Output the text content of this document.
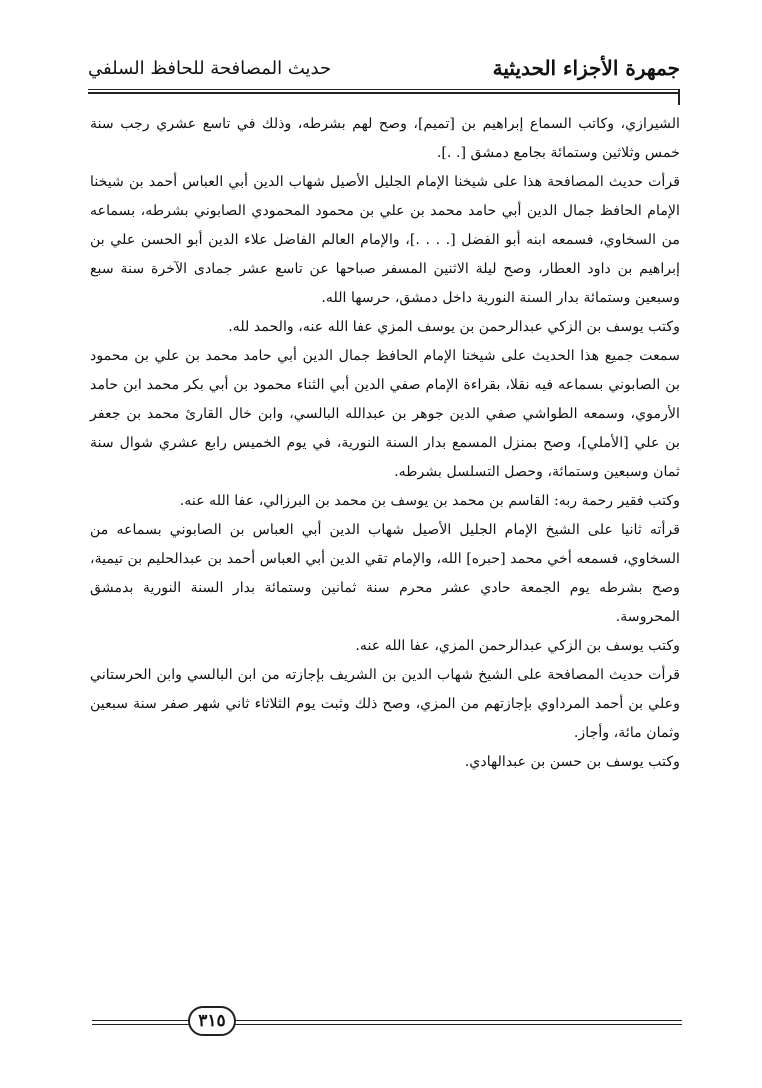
جمهرة الأجزاء الحديثية
حديث المصافحة للحافظ السلفي

الشيرازي، وكاتب السماع إبراهيم بن [تميم]، وصح لهم بشرطه، وذلك في تاسع عشري رجب سنة خمس وثلاثين وستمائة بجامع دمشق [. .].

قرأت حديث المصافحة هذا على شيخنا الإمام الجليل الأصيل شهاب الدين أبي العباس أحمد بن شيخنا الإمام الحافظ جمال الدين أبي حامد محمد بن علي بن محمود المحمودي الصابوني بشرطه، بسماعه من السخاوي، فسمعه ابنه أبو الفضل [. . . .]، والإمام العالم الفاضل علاء الدين أبو الحسن علي بن إبراهيم بن داود العطار، وصح ليلة الاثنين المسفر صباحها عن تاسع عشر جمادى الآخرة سنة سبع وسبعين وستمائة بدار السنة النورية داخل دمشق، حرسها الله.

وكتب يوسف بن الزكي عبدالرحمن بن يوسف المزي عفا الله عنه، والحمد لله.

سمعت جميع هذا الحديث على شيخنا الإمام الحافظ جمال الدين أبي حامد محمد بن علي بن محمود بن الصابوني بسماعه فيه نقلا، بقراءة الإمام صفي الدين أبي الثناء محمود بن أبي بكر محمد ابن حامد الأرموي، وسمعه الطواشي صفي الدين جوهر بن عبدالله البالسي، وابن خال القارئ محمد بن جعفر بن علي [الأملي]، وصح بمنزل المسمع بدار السنة النورية، في يوم الخميس رابع عشري شوال سنة ثمان وسبعين وستمائة، وحصل التسلسل بشرطه.

وكتب فقير رحمة ربه: القاسم بن محمد بن يوسف بن محمد بن البرزالي، عفا الله عنه.

قرأته ثانيا على الشيخ الإمام الجليل الأصيل شهاب الدين أبي العباس بن الصابوني بسماعه من السخاوي، فسمعه أخي محمد [حبره] الله، والإمام تقي الدين أبي العباس أحمد بن عبدالحليم بن تيمية، وصح بشرطه يوم الجمعة حادي عشر محرم سنة ثمانين وستمائة بدار السنة النورية بدمشق المحروسة.

وكتب يوسف بن الزكي عبدالرحمن المزي، عفا الله عنه.

قرأت حديث المصافحة على الشيخ شهاب الدين بن الشريف بإجازته من ابن البالسي وابن الحرستاني وعلي بن أحمد المرداوي بإجازتهم من المزي، وصح ذلك وثبت يوم الثلاثاء ثاني شهر صفر سنة سبعين وثمان مائة، وأجاز.

وكتب يوسف بن حسن بن عبدالهادي.

٣١٥
